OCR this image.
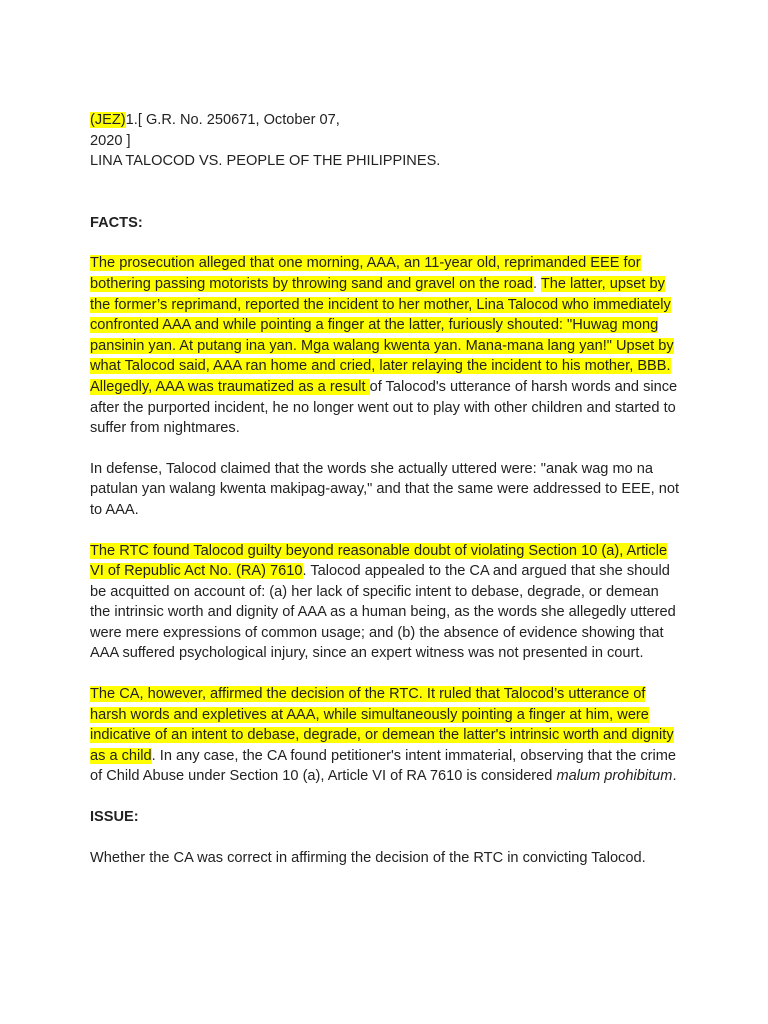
(JEZ)1.[ G.R. No. 250671, October 07,
2020 ]

LINA TALOCOD VS. PEOPLE OF THE PHILIPPINES.

FACTS:

The prosecution alleged that one morning, AAA, an 11-year old, reprimanded EEE for bothering passing motorists by throwing sand and gravel on the road. The latter, upset by the former’s reprimand, reported the incident to her mother, Lina Talocod who immediately confronted AAA and while pointing a finger at the latter, furiously shouted: "Huwag mong pansinin yan. At putang ina yan. Mga walang kwenta yan. Mana-mana lang yan!" Upset by what Talocod said, AAA ran home and cried, later relaying the incident to his mother, BBB. Allegedly, AAA was traumatized as a result of Talocod's utterance of harsh words and since after the purported incident, he no longer went out to play with other children and started to suffer from nightmares.

In defense, Talocod claimed that the words she actually uttered were: "anak wag mo na patulan yan walang kwenta makipag-away," and that the same were addressed to EEE, not to AAA.

The RTC found Talocod guilty beyond reasonable doubt of violating Section 10 (a), Article VI of Republic Act No. (RA) 7610. Talocod appealed to the CA and argued that she should be acquitted on account of: (a) her lack of specific intent to debase, degrade, or demean the intrinsic worth and dignity of AAA as a human being, as the words she allegedly uttered were mere expressions of common usage; and (b) the absence of evidence showing that AAA suffered psychological injury, since an expert witness was not presented in court.

The CA, however, affirmed the decision of the RTC. It ruled that Talocod’s utterance of harsh words and expletives at AAA, while simultaneously pointing a finger at him, were indicative of an intent to debase, degrade, or demean the latter's intrinsic worth and dignity as a child. In any case, the CA found petitioner's intent immaterial, observing that the crime of Child Abuse under Section 10 (a), Article VI of RA 7610 is considered malum prohibitum.

ISSUE:

Whether the CA was correct in affirming the decision of the RTC in convicting Talocod.
